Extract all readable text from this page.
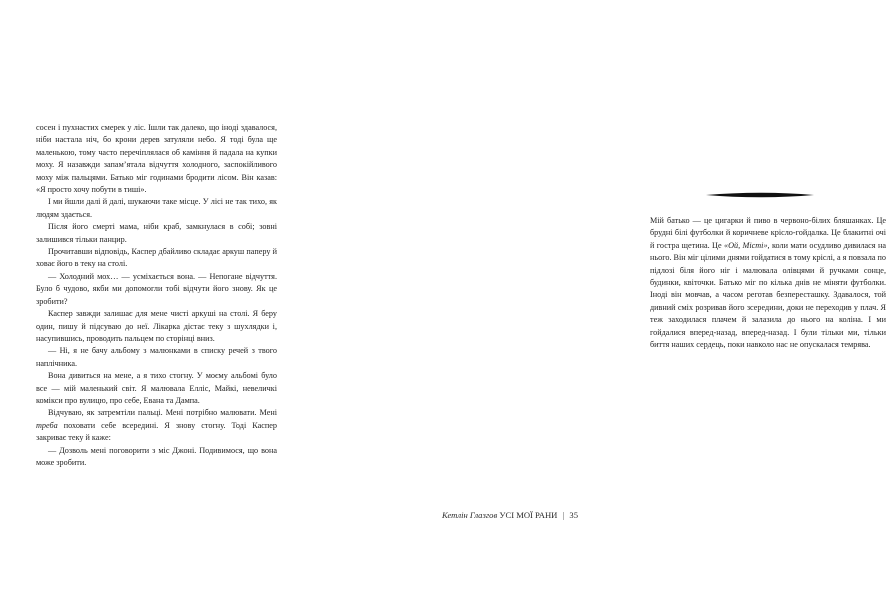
сосен і пухнастих смерек у ліс. Ішли так далеко, що іноді здавалося, ніби настала ніч, бо крони дерев затуляли небо. Я тоді була ще маленькою, тому часто перечіплялася об каміння й падала на купки моху. Я назавжди запам’ятала відчуття холодного, заспокійливого моху між пальцями. Батько міг годинами бродити лісом. Він казав: «Я просто хочу побути в тиші».

І ми йшли далі й далі, шукаючи таке місце. У лісі не так тихо, як людям здається.

Після його смерті мама, ніби краб, замкнулася в собі; зовні залишився тільки панцир.

Прочитавши відповідь, Каспер дбайливо складає аркуш паперу й ховає його в теку на столі.

— Холодний мох… — усміхається вона. — Непогане відчуття. Було б чудово, якби ми допомогли тобі відчути його знову. Як це зробити?

Каспер завжди залишає для мене чисті аркуші на столі. Я беру один, пишу й підсуваю до неї. Лікарка дістає теку з шухлядки і, насупившись, проводить пальцем по сторінці вниз.

— Ні, я не бачу альбому з малюнками в списку речей з твого наплічника.

Вона дивиться на мене, а я тихо стогну. У моєму альбомі було все — мій маленький світ. Я малювала Елліс, Майкі, невеличкі комікси про вулицю, про себе, Евана та Дампа.

Відчуваю, як затремтіли пальці. Мені потрібно малювати. Мені треба поховати себе всередині. Я знову стогну. Тоді Каспер закриває теку й каже:

— Дозволь мені поговорити з міс Джоні. Подивимося, що вона може зробити.

Мій батько — це цигарки й пиво в червоно-білих бляшанках. Це брудні білі футболки й коричневе крісло-гойдалка. Це блакитні очі й гостра щетина. Це «Ой, Місті», коли мати осудливо дивилася на нього. Він міг цілими днями гойдатися в тому кріслі, а я повзала по підлозі біля його ніг і малювала олівцями й ручками сонце, будинки, квіточки. Батько міг по кілька днів не міняти футболки. Іноді він мовчав, а часом реготав безпересташку. Здавалося, той дивний сміх розривав його зсередини, доки не переходив у плач. Я теж заходилася плачем й залазила до нього на коліна. І ми гойдалися вперед-назад, вперед-назад. І були тільки ми, тільки биття наших сердець, поки навколо нас не опускалася темрява.

Кетлін Глазгов УСІ МОЇ РАНИ | 35
